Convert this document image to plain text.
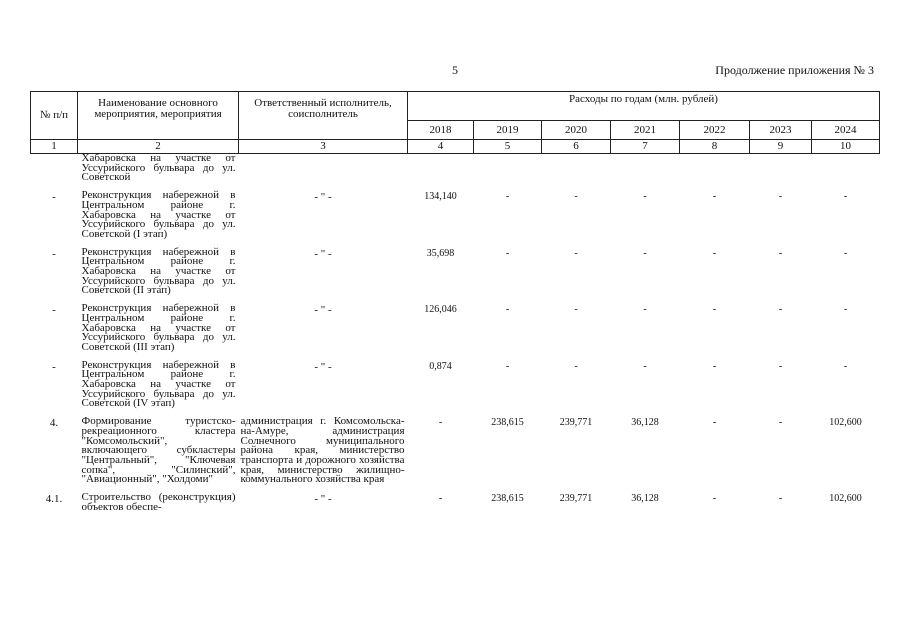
5	Продолжение приложения № 3
№ п/п	Наименование основного мероприятия, мероприятия	Ответственный исполнитель, соисполнитель	Расходы по годам (млн. рублей)						
			2018	2019	2020	2021	2022	2023	2024
1	2	3	4	5	6	7	8	9	10
	Хабаровска на участке от Уссурийского бульвара до ул. Советской								

-	Реконструкция набережной в Центральном районе г. Хабаровска на участке от Уссурийского бульвара до ул. Советской (I этап)	- " -	134,140	-	-	-	-	-	-

-	Реконструкция набережной в Центральном районе г. Хабаровска на участке от Уссурийского бульвара до ул. Советской (II этап)	- " -	35,698	-	-	-	-	-	-

-	Реконструкция набережной в Центральном районе г. Хабаровска на участке от Уссурийского бульвара до ул. Советской (III этап)	- " -	126,046	-	-	-	-	-	-

-	Реконструкция набережной в Центральном районе г. Хабаровска на участке от Уссурийского бульвара до ул. Советской (IV этап)	- " -	0,874	-	-	-	-	-	-

4.	Формирование туристско-рекреационного кластера "Комсомольский", включающего субкластеры "Центральный", "Ключевая сопка", "Силинский", "Авиационный", "Холдоми"	администрация г. Комсомольска-на-Амуре, администрация Солнечного муниципального района края, министерство транспорта и дорожного хозяйства края, министерство жилищно-коммунального хозяйства края	-	238,615	239,771	36,128	-	-	102,600

4.1.	Строительство (реконструкция) объектов обеспе-	- " -	-	238,615	239,771	36,128	-	-	102,600
